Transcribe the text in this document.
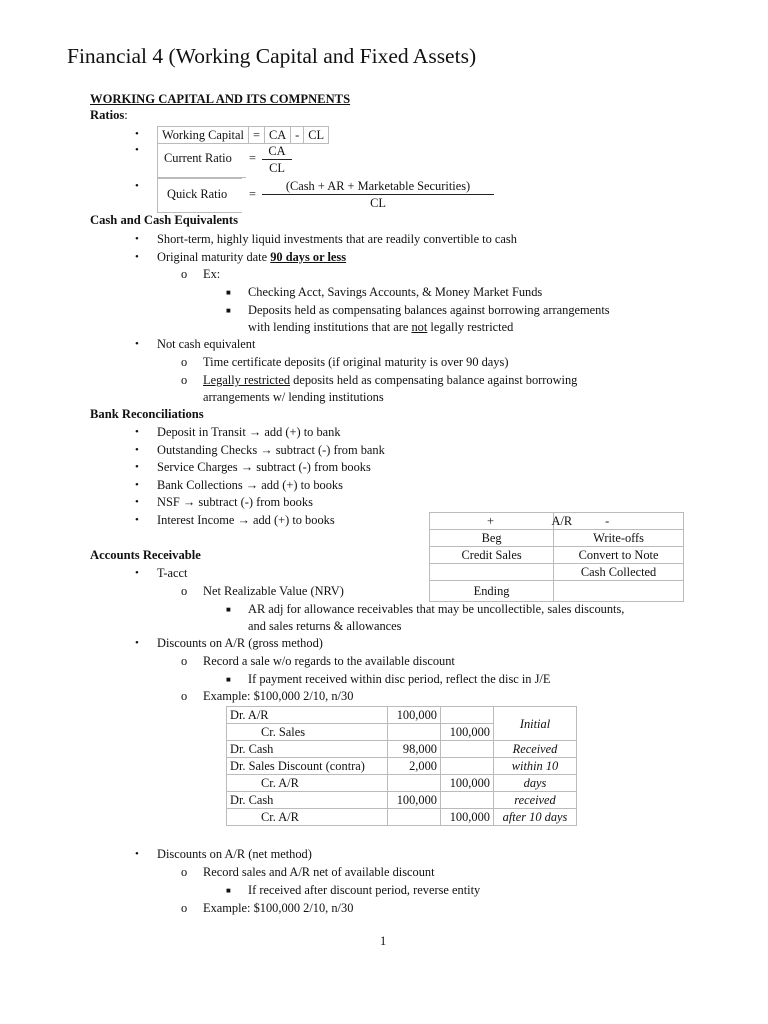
Financial 4 (Working Capital and Fixed Assets)
WORKING CAPITAL AND ITS COMPNENTS
Ratios:
• Working Capital	=	CA	-	CL
•
Current Ratio = $\frac{CA}{CL}$
•
Quick Ratio = $\frac{\text{(Cash + AR + Marketable Securities)}}{CL}$
Cash and Cash Equivalents
• Short-term, highly liquid investments that are readily convertible to cash
• Original maturity date 90 days or less
o Ex:
■ Checking Acct, Savings Accounts, & Money Market Funds
■ Deposits held as compensating balances against borrowing arrangements
with lending institutions that are not legally restricted
• Not cash equivalent
o Time certificate deposits (if original maturity is over 90 days)
o Legally restricted deposits held as compensating balance against borrowing
arrangements w/ lending institutions
Bank Reconciliations
• Deposit in Transit → add (+) to bank
• Outstanding Checks → subtract (-) from bank
• Service Charges → subtract (-) from books
• Bank Collections → add (+) to books
• NSF → subtract (-) from books
• Interest Income → add (+) to books	+ A/R	-
Beg	Write-offs
Credit Sales	Convert to Note
	Cash Collected
Ending	
Accounts Receivable
• T-acct
o Net Realizable Value (NRV)
■ AR adj for allowance receivables that may be uncollectible, sales discounts,
and sales returns & allowances
• Discounts on A/R (gross method)
o Record a sale w/o regards to the available discount
■ If payment received within disc period, reflect the disc in J/E
o Example: $100,000 2/10, n/30
Dr. A/R	100,000		Initial
Cr. Sales		100,000	
Dr. Cash	98,000		Received
Dr. Sales Discount (contra)	2,000		within 10
Cr. A/R		100,000	days
Dr. Cash	100,000		received
Cr. A/R		100,000	after 10 days
• Discounts on A/R (net method)
o Record sales and A/R net of available discount
■ If received after discount period, reverse entity
o Example: $100,000 2/10, n/30
1
